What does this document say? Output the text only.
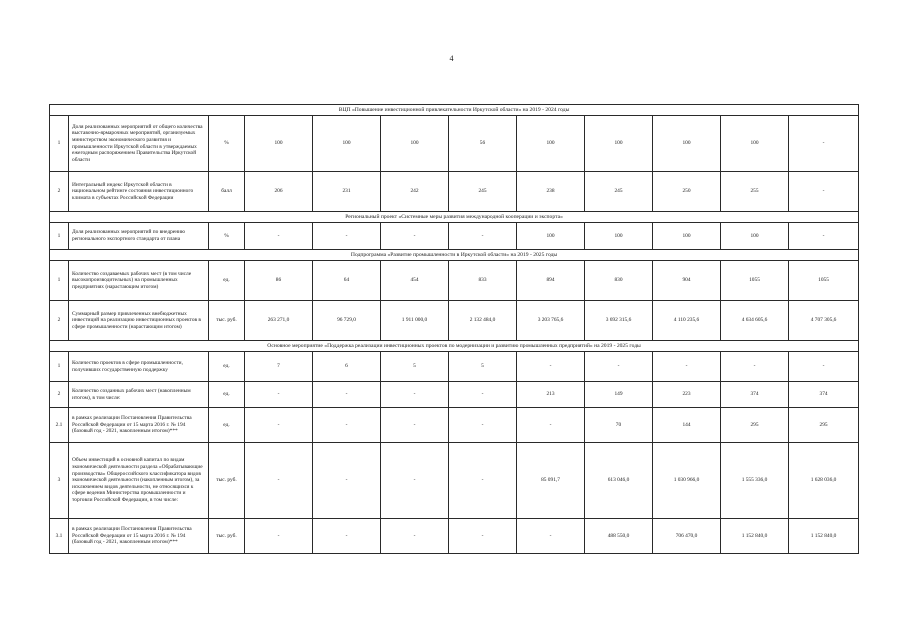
4
ВЦП «Повышение инвестиционной привлекательности Иркутской области» на 2019 - 2024 годы											
1	Доля реализованных мероприятий от общего количества выставочно-ярмарочных мероприятий, организуемых министерством экономического развития и промышленности Иркутской области в утверждаемых ежегодным распоряжением Правительства Иркутской области	%	100	100	100	56	100	100	100	100	-
2	Интегральный индекс Иркутской области в национальном рейтинге состояния инвестиционного климата в субъектах Российской Федерации	балл	206	231	242	245	238	245	250	255	-
Региональный проект «Системные меры развития международной кооперации и экспорта»											
1	Доля реализованных мероприятий по внедрению регионального экспортного стандарта от плана	%	-	-	-	-	100	100	100	100	-
Подпрограмма «Развитие промышленности в Иркутской области» на 2019 - 2025 годы											
1	Количество создаваемых рабочих мест (в том числе высокопроизводительных) на промышленных предприятиях (нарастающим итогом)	ед.	86	64	454	833	894	830	904	1055	1055
2	Суммарный размер привлеченных внебюджетных инвестиций на реализацию инвестиционных проектов в сфере промышленности (нарастающим итогом)	тыс. руб.	263 271,0	96 729,0	1 911 000,0	2 132 484,0	3 203 765,6	3 692 315,6	4 110 235,6	4 634 605,6	4 707 305,6
Основное мероприятие «Поддержка реализации инвестиционных проектов по модернизации и развитию промышленных предприятий» на 2019 - 2025 годы											
1	Количество проектов в сфере промышленности, получивших государственную поддержку	ед.	7	6	5	5	-	-	-	-	-
2	Количество созданных рабочих мест (накопленным итогом), в том числе:	ед.	-	-	-	-	213	149	223	374	374
2.1	в рамках реализации Постановления Правительства Российской Федерации от 15 марта 2016 г. № 194 (базовый год - 2021, накопленным итогом)***	ед.	-	-	-	-	-	70	144	295	295
3	Объем инвестиций в основной капитал по видам экономической деятельности раздела «Обрабатывающие производства» Общероссийского классификатора видов экономической деятельности (накопленным итогом), за исключением видов деятельности, не относящихся к сфере ведения Министерства промышленности и торговли Российской Федерации, в том числе:	тыс. руб.	-	-	-	-	85 091,7	613 046,0	1 030 966,0	1 555 336,0	1 628 036,0
3.1	в рамках реализации Постановления Правительства Российской Федерации от 15 марта 2016 г. № 194 (базовый год - 2021, накопленным итогом)***	тыс. руб.	-	-	-	-	-	488 550,0	706 470,0	1 152 840,0	1 152 840,0
